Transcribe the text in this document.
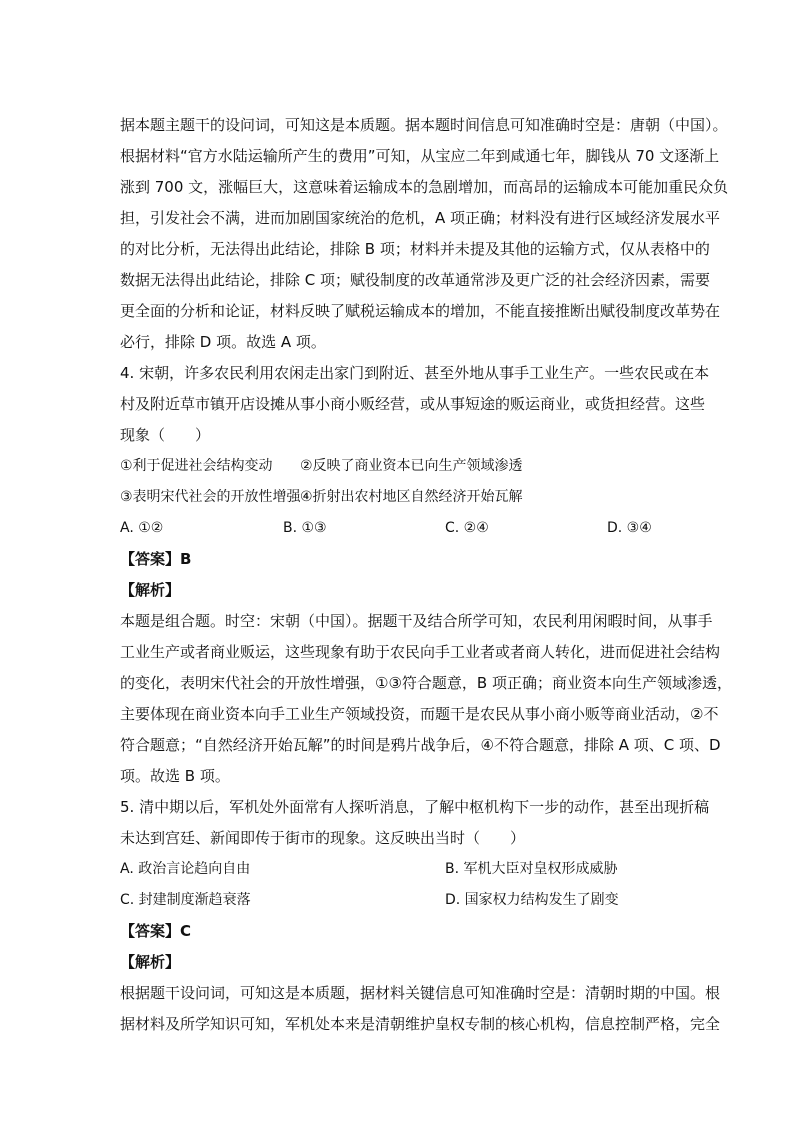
据本题主题干的设问词，可知这是本质题。据本题时间信息可知准确时空是：唐朝（中国）。
根据材料“官方水陆运输所产生的费用”可知，从宝应二年到咸通七年，脚钱从 70 文逐渐上
涨到 700 文，涨幅巨大，这意味着运输成本的急剧增加，而高昂的运输成本可能加重民众负
担，引发社会不满，进而加剧国家统治的危机，A 项正确；材料没有进行区域经济发展水平
的对比分析，无法得出此结论，排除 B 项；材料并未提及其他的运输方式，仅从表格中的
数据无法得出此结论，排除 C 项；赋役制度的改革通常涉及更广泛的社会经济因素，需要
更全面的分析和论证，材料反映了赋税运输成本的增加，不能直接推断出赋役制度改革势在
必行，排除 D 项。故选 A 项。
4. 宋朝，许多农民利用农闲走出家门到附近、甚至外地从事手工业生产。一些农民或在本
村及附近草市镇开店设摊从事小商小贩经营，或从事短途的贩运商业，或货担经营。这些
现象（　　）
①利于促进社会结构变动 ②反映了商业资本已向生产领域渗透
③表明宋代社会的开放性增强 ④折射出农村地区自然经济开始瓦解
A. ①②	B. ①③	C. ②④	D. ③④
【答案】B
【解析】
本题是组合题。时空：宋朝（中国）。据题干及结合所学可知，农民利用闲暇时间，从事手
工业生产或者商业贩运，这些现象有助于农民向手工业者或者商人转化，进而促进社会结构
的变化，表明宋代社会的开放性增强，①③符合题意，B 项正确；商业资本向生产领域渗透，
主要体现在商业资本向手工业生产领域投资，而题干是农民从事小商小贩等商业活动，②不
符合题意；“自然经济开始瓦解”的时间是鸦片战争后，④不符合题意，排除 A 项、C 项、D
项。故选 B 项。
5. 清中期以后，军机处外面常有人探听消息，了解中枢机构下一步的动作，甚至出现折稿
未达到宫廷、新闻即传于街市的现象。这反映出当时（　　）
A. 政治言论趋向自由	B. 军机大臣对皇权形成威胁
C. 封建制度渐趋衰落	D. 国家权力结构发生了剧变
【答案】C
【解析】
根据题干设问词，可知这是本质题，据材料关键信息可知准确时空是：清朝时期的中国。根
据材料及所学知识可知，军机处本来是清朝维护皇权专制的核心机构，信息控制严格，完全
